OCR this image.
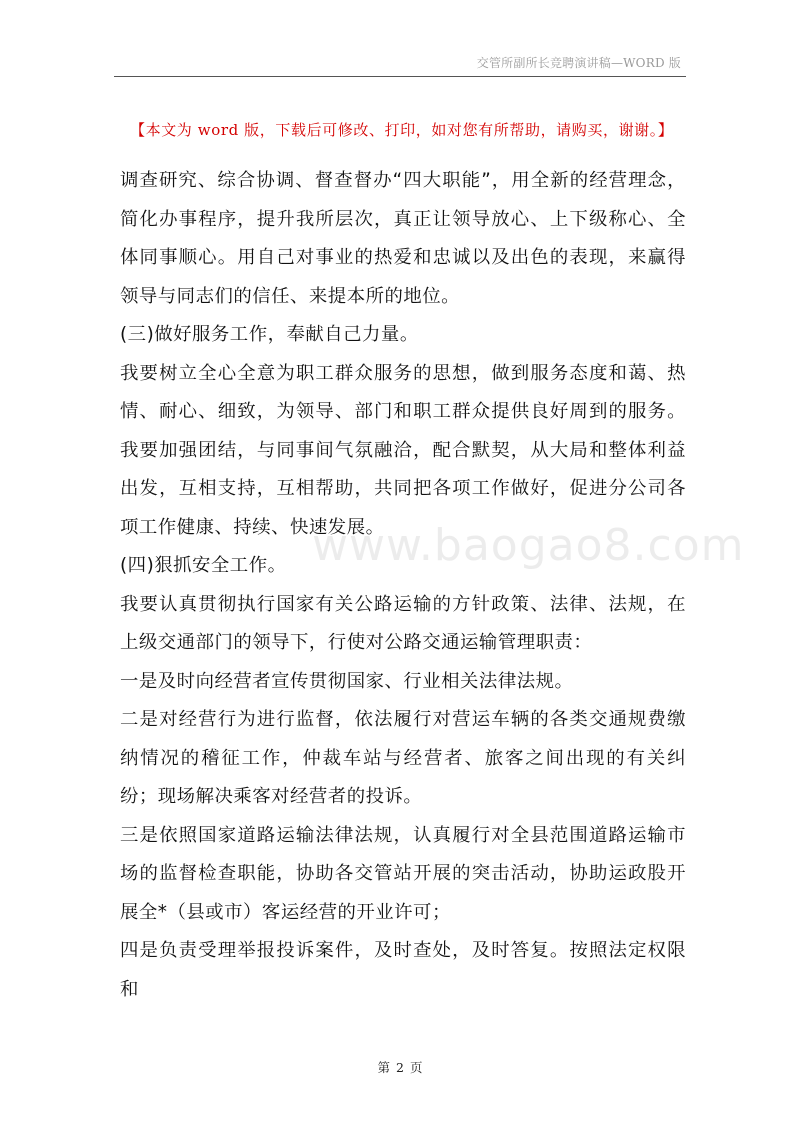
交管所副所长竞聘演讲稿—WORD 版
【本文为 word 版，下载后可修改、打印，如对您有所帮助，请购买，谢谢。】
www.baogao8.com

调查研究、综合协调、督查督办“四大职能”，用全新的经营理念，简化办事程序，提升我所层次，真正让领导放心、上下级称心、全体同事顺心。用自己对事业的热爱和忠诚以及出色的表现，来赢得领导与同志们的信任、来提本所的地位。

(三)做好服务工作，奉献自己力量。

我要树立全心全意为职工群众服务的思想，做到服务态度和蔼、热情、耐心、细致，为领导、部门和职工群众提供良好周到的服务。我要加强团结，与同事间气氛融洽，配合默契，从大局和整体利益出发，互相支持，互相帮助，共同把各项工作做好，促进分公司各项工作健康、持续、快速发展。

(四)狠抓安全工作。

我要认真贯彻执行国家有关公路运输的方针政策、法律、法规，在上级交通部门的领导下，行使对公路交通运输管理职责：

一是及时向经营者宣传贯彻国家、行业相关法律法规。

二是对经营行为进行监督，依法履行对营运车辆的各类交通规费缴纳情况的稽征工作，仲裁车站与经营者、旅客之间出现的有关纠纷；现场解决乘客对经营者的投诉。

三是依照国家道路运输法律法规，认真履行对全县范围道路运输市场的监督检查职能，协助各交管站开展的突击活动，协助运政股开展全*（县或市）客运经营的开业许可；

四是负责受理举报投诉案件，及时查处，及时答复。按照法定权限和

第 2 页
